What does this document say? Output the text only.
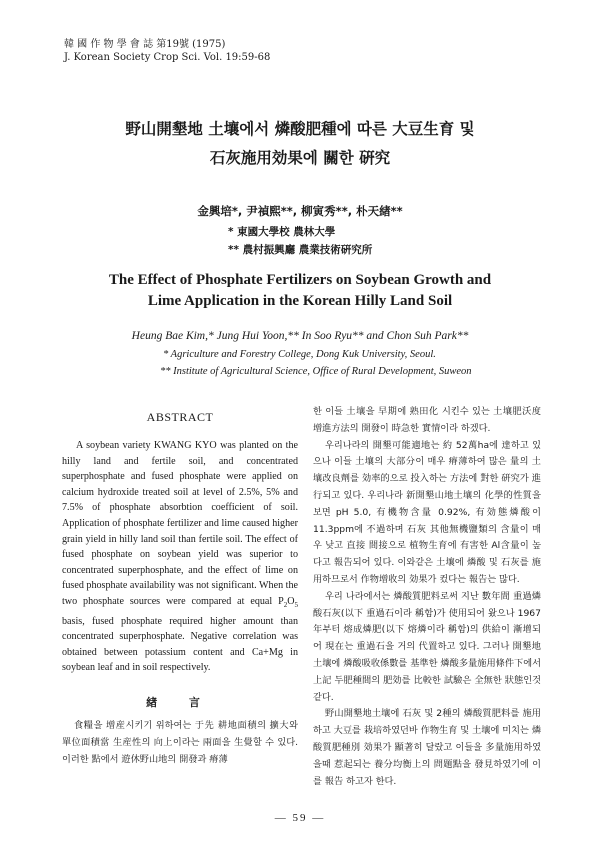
韓 國 作 物 學 會 誌 第19號 (1975)
J. Korean Society Crop Sci. Vol. 19:59-68
野山開墾地 土壤에서 燐酸肥種에 따른 大豆生育 및
石灰施用効果에 關한 硏究
金興培*, 尹禎熙**, 柳寅秀**, 朴天緖**
* 東國大學校 農林大學
** 農村振興廳 農業技術硏究所
The Effect of Phosphate Fertilizers on Soybean Growth and
Lime Application in the Korean Hilly Land Soil
Heung Bae Kim,* Jung Hui Yoon,** In Soo Ryu** and Chon Suh Park**
* Agriculture and Forestry College, Dong Kuk University, Seoul.
** Institute of Agricultural Science, Office of Rural Development, Suweon
ABSTRACT

A soybean variety KWANG KYO was planted on the hilly land and fertile soil, and concentrated superphosphate and fused phosphate were applied on calcium hydroxide treated soil at level of 2.5%, 5% and 7.5% of phosphate absorbtion coefficient of soil. Application of phosphate fertilizer and lime caused higher grain yield in hilly land soil than fertile soil. The effect of fused phosphate on soybean yield was superior to concentrated superphosphate, and the effect of lime on fused phosphate availability was not significant. When the two phosphate sources were compared at equal $P_2O_5$ basis, fused phosphate required higher amount than concentrated superphosphate. Negative correlation was obtained between potassium content and Ca+Mg in soybean leaf and in soil respectively.

緖 言

食糧을 增産시키기 위하여는 于先 耕地面積의 擴大와 單位面積當 生産性의 向上이라는 兩面을 生覺할 수 있다. 이러한 點에서 遊休野山地의 開發과 瘠薄

한 이들 土壤을 早期에 熟田化 시킨수 있는 土壤肥沃度 增進方法의 開發이 時急한 實情이라 하겠다.

우리나라의 開墾可能適地는 約 52萬ha에 達하고 있으나 이들 土壤의 大部分이 매우 瘠薄하여 많은 量의 土壤改良劑를 効率的으로 投入하는 方法에 對한 硏究가 進行되고 있다. 우리나라 新開墾山地土壤의 化學的性質을 보면 pH 5.0, 有機物含量 0.92%, 有効態燐酸이 11.3ppm에 不過하며 石灰 其他無機鹽類의 含量이 매우 낮고 直接 間接으로 植物生育에 有害한 Al含量이 높다고 報告되어 있다. 이와같은 土壤에 燐酸 및 石灰를 施用하므로서 作物增收의 効果가 컸다는 報告는 많다.

우리 나라에서는 燐酸質肥料로써 지난 數年間 重過燐酸石灰(以下 重過石이라 稱함)가 使用되어 왔으나 1967年부터 熔成燐肥(以下 熔燐이라 稱함)의 供給이 漸增되어 現在는 重過石을 거의 代置하고 있다. 그러나 開墾地土壤에 燐酸吸收係數를 基準한 燐酸多量施用條件下에서 上記 두肥種間의 肥効를 比較한 試驗은 全無한 狀態인것 같다.

野山開墾地土壤에 石灰 및 2種의 燐酸質肥料를 施用하고 大豆를 栽培하였던바 作物生育 및 土壤에 미치는 燐酸質肥種別 効果가 顯著히 달랐고 이들을 多量施用하였을때 惹起되는 養分均衡上의 問題點을 發見하였기에 이를 報告 하고자 한다.

— 59 —
